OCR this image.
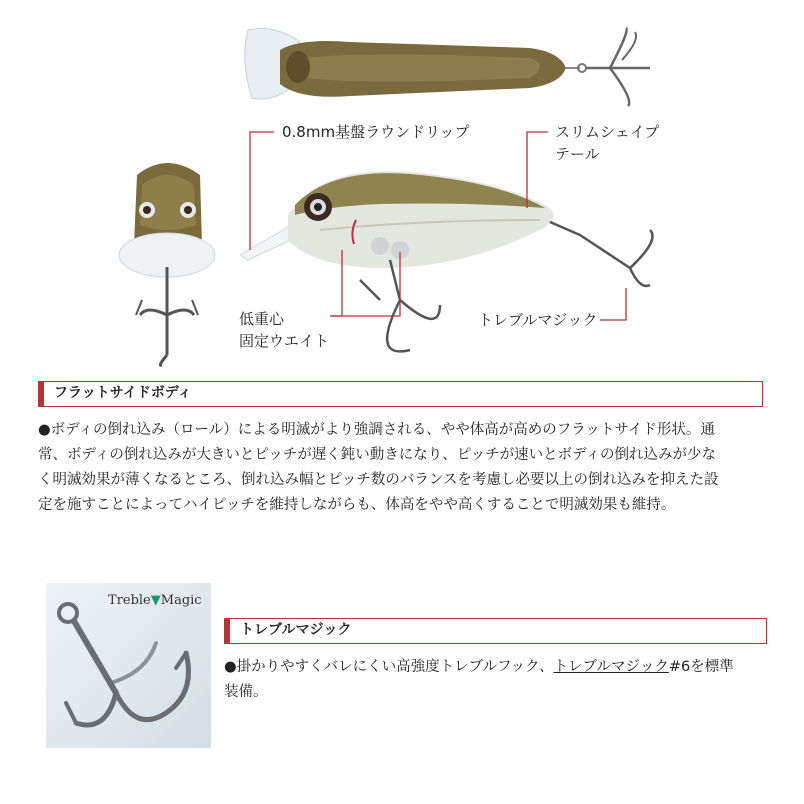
0.8mm基盤ラウンドリップ	スリムシェイプ
テール
低重心
固定ウエイト
トレブルマジック
フラットサイドボディ
●ボディの倒れ込み（ロール）による明滅がより強調される、やや体高が高めのフラットサイド形状。通
常、ボディの倒れ込みが大きいとピッチが遅く鈍い動きになり、ピッチが速いとボディの倒れ込みが少な
く明滅効果が薄くなるところ、倒れ込み幅とピッチ数のバランスを考慮し必要以上の倒れ込みを抑えた設
定を施すことによってハイピッチを維持しながらも、体高をやや高くすることで明滅効果も維持。
Treble▼Magic
トレブルマジック
●掛かりやすくバレにくい高強度トレブルフック、トレブルマジック#6を標準
装備。
